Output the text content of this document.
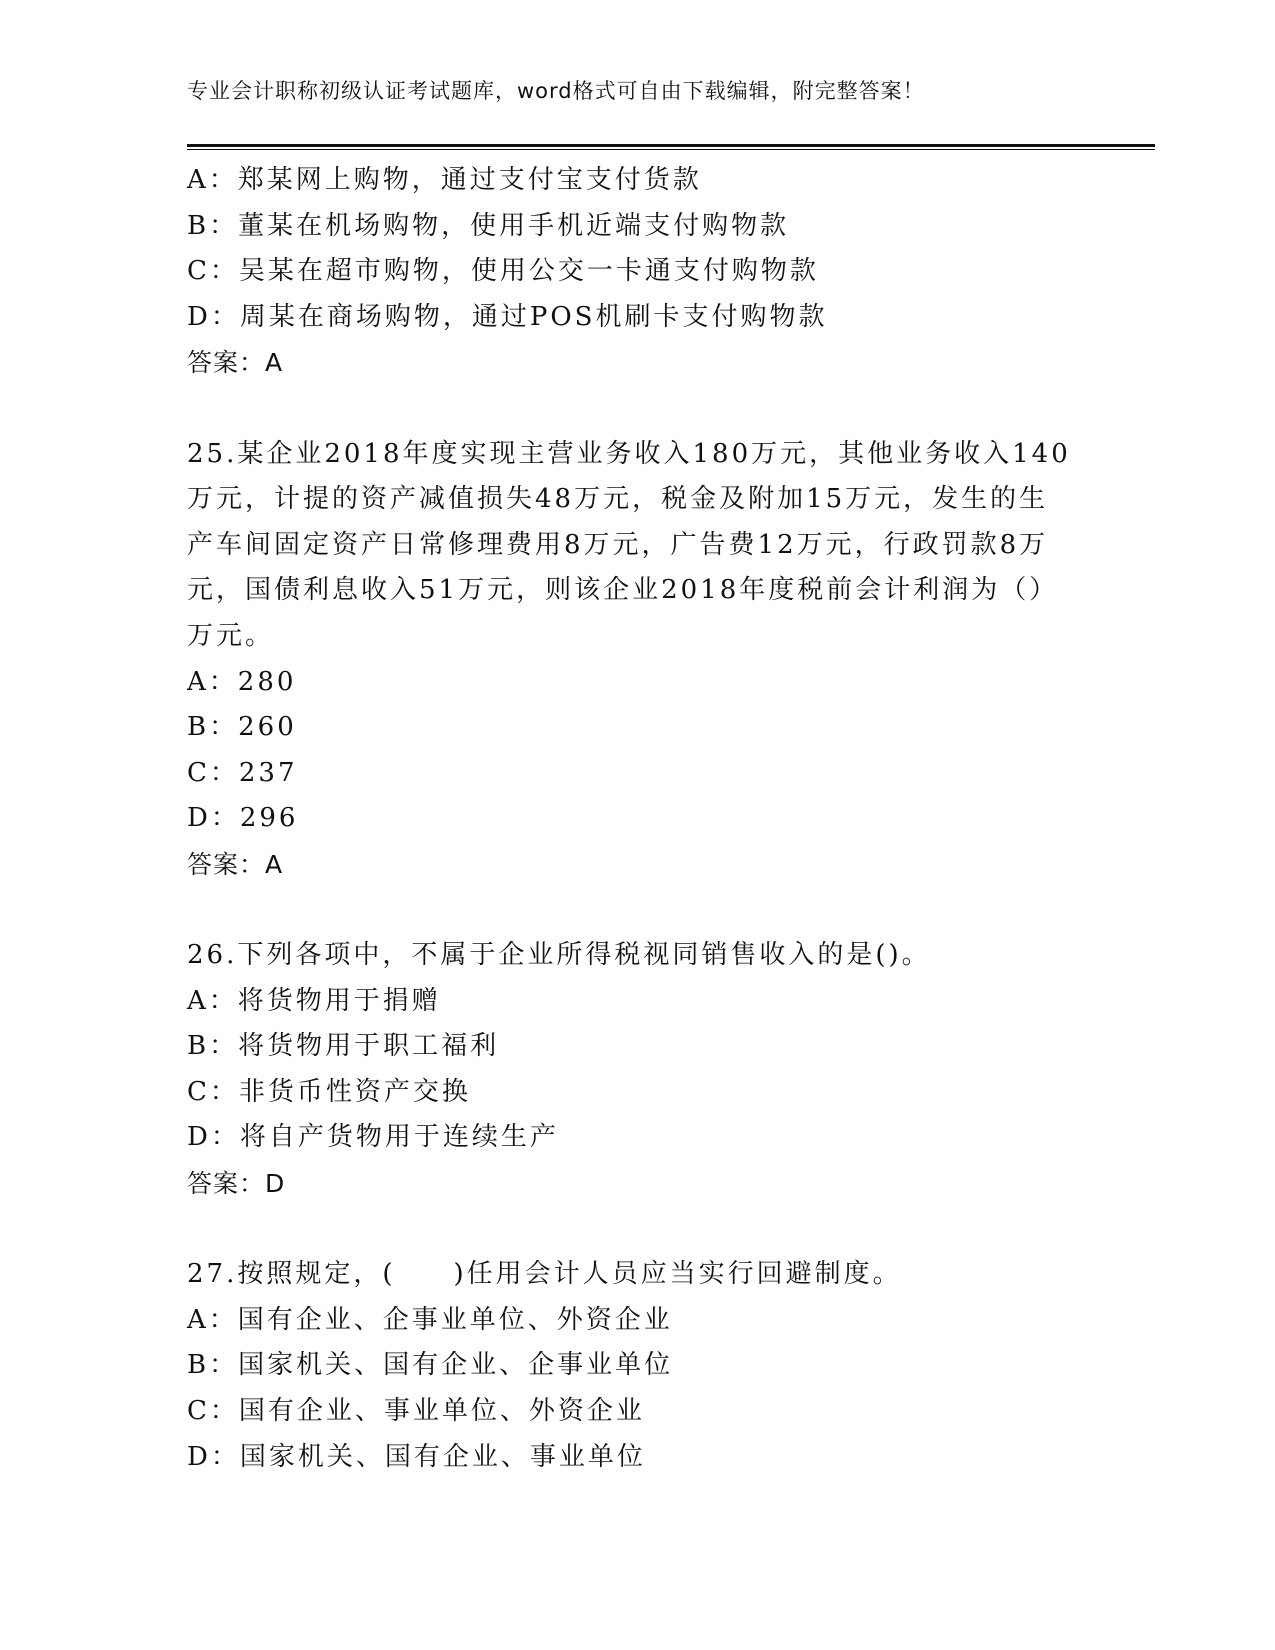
专业会计职称初级认证考试题库，word格式可自由下载编辑，附完整答案！
A：郑某网上购物，通过支付宝支付货款
B：董某在机场购物，使用手机近端支付购物款
C：吴某在超市购物，使用公交一卡通支付购物款
D：周某在商场购物，通过POS机刷卡支付购物款
答案：A
25.某企业2018年度实现主营业务收入180万元，其他业务收入140
万元，计提的资产减值损失48万元，税金及附加15万元，发生的生
产车间固定资产日常修理费用8万元，广告费12万元，行政罚款8万
元，国债利息收入51万元，则该企业2018年度税前会计利润为（）
万元。
A：280
B：260
C：237
D：296
答案：A
26.下列各项中，不属于企业所得税视同销售收入的是()。
A：将货物用于捐赠
B：将货物用于职工福利
C：非货币性资产交换
D：将自产货物用于连续生产
答案：D
27.按照规定，(　　)任用会计人员应当实行回避制度。
A：国有企业、企事业单位、外资企业
B：国家机关、国有企业、企事业单位
C：国有企业、事业单位、外资企业
D：国家机关、国有企业、事业单位
